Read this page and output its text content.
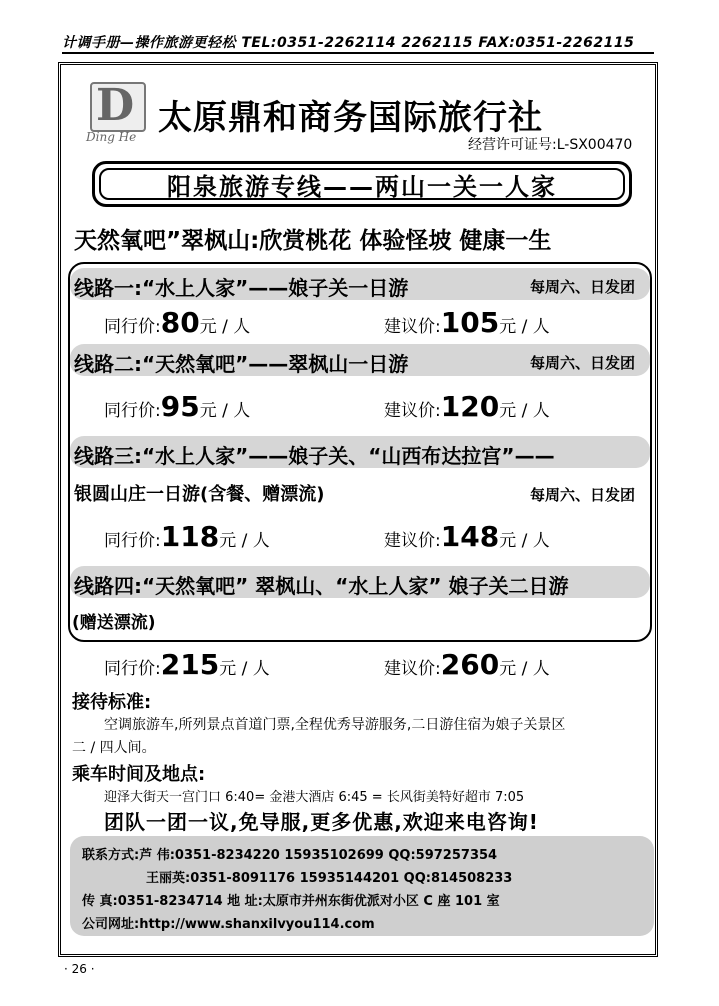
计调手册—操作旅游更轻松 TEL:0351-2262114 2262115 FAX:0351-2262115
D
Ding He 太原鼎和商务国际旅行社
经营许可证号:L-SX00470
阳泉旅游专线——两山一关一人家
天然氧吧”翠枫山:欣赏桃花 体验怪坡 健康一生
线路一:“水上人家”——娘子关一日游	每周六、日发团
同行价:80元 / 人	建议价:105元 / 人
线路二:“天然氧吧”——翠枫山一日游	每周六、日发团
同行价:95元 / 人	建议价:120元 / 人
线路三:“水上人家”——娘子关、“山西布达拉宫”——
银圆山庄一日游(含餐、赠漂流)	每周六、日发团
同行价:118元 / 人	建议价:148元 / 人
线路四:“天然氧吧” 翠枫山、“水上人家” 娘子关二日游
(赠送漂流)
同行价:215元 / 人	建议价:260元 / 人
接待标准:
空调旅游车,所列景点首道门票,全程优秀导游服务,二日游住宿为娘子关景区
二 / 四人间。
乘车时间及地点:
迎泽大街天一宫门口 6:40= 金港大酒店 6:45 = 长风街美特好超市 7:05
团队一团一议,免导服,更多优惠,欢迎来电咨询!
联系方式:芦 伟:0351-8234220 15935102699 QQ:597257354
王丽英:0351-8091176 15935144201 QQ:814508233
传 真:0351-8234714 地 址:太原市并州东街优派对小区 C 座 101 室
公司网址:http://www.shanxilvyou114.com
· 26 ·
